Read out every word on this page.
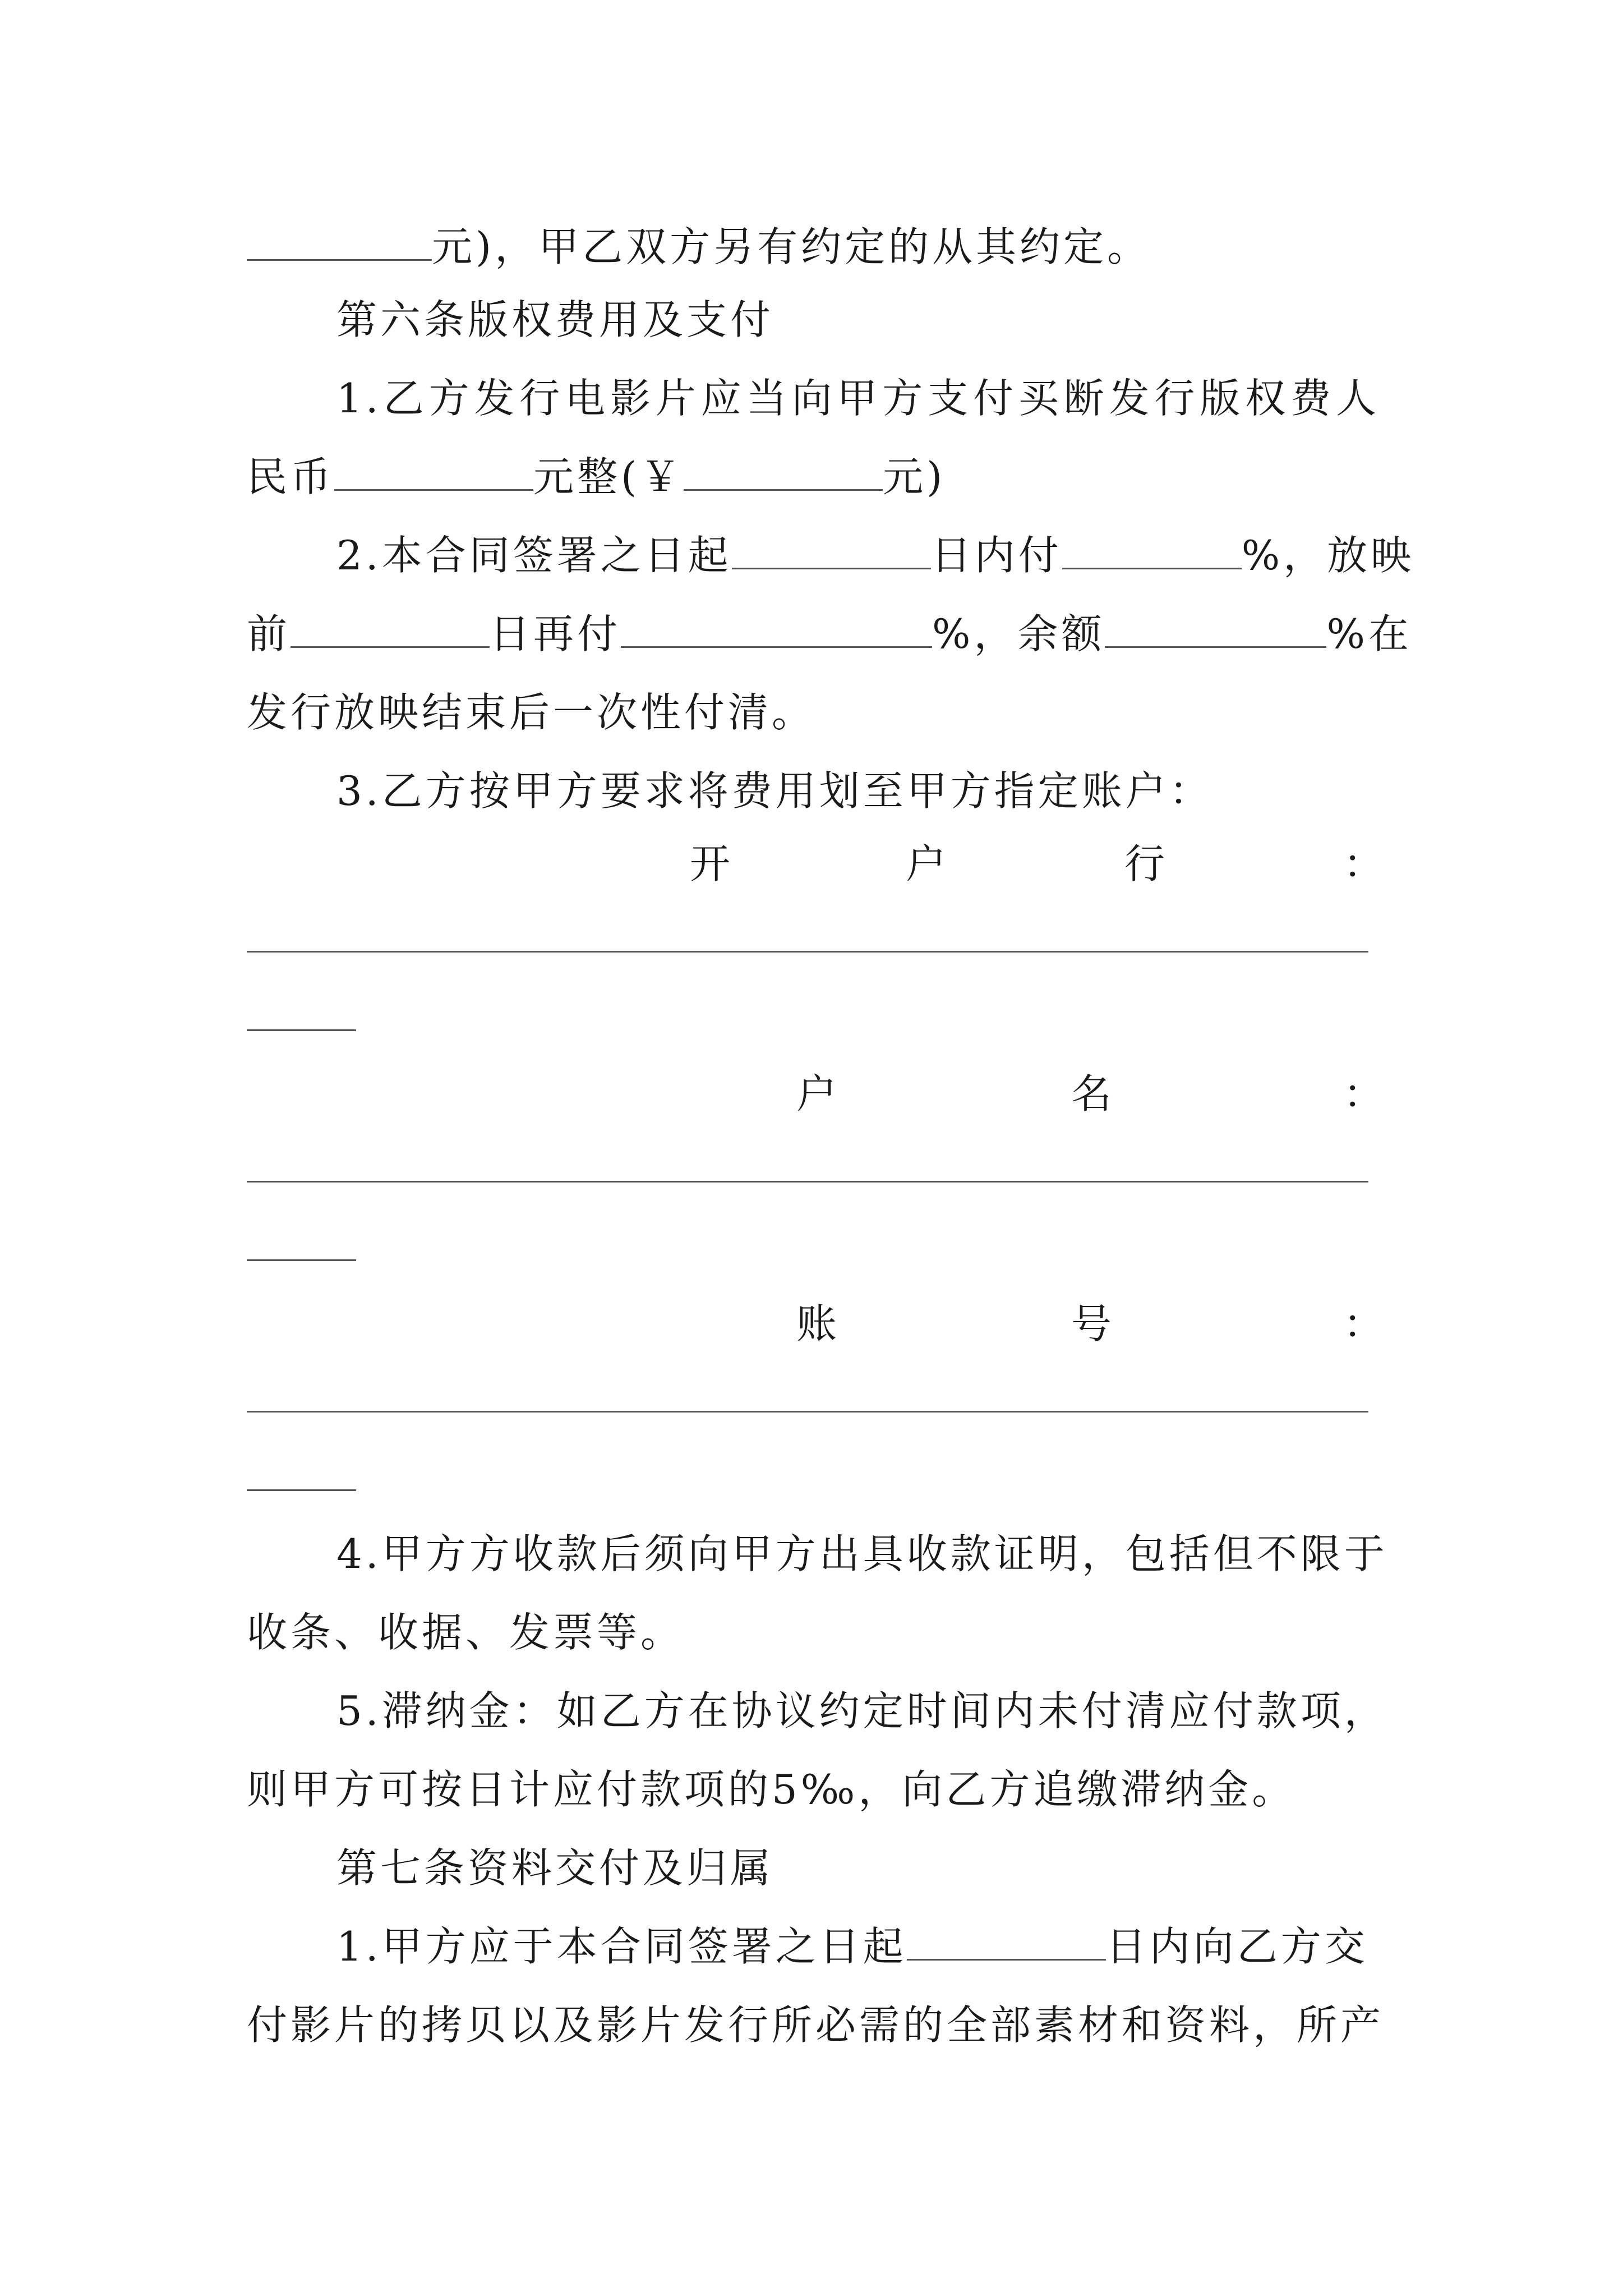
元)，甲乙双方另有约定的从其约定。
第六条版权费用及支付
1.乙方发行电影片应当向甲方支付买断发行版权费人
民币	元整(￥	元)
2.本合同签署之日起	日内付	%，放映
前	日再付	%，余额	%在
发行放映结束后一次性付清。
3.乙方按甲方要求将费用划至甲方指定账户：
开	户	行	：
户	名	：
账	号	：
4.甲方方收款后须向甲方出具收款证明，包括但不限于
收条、收据、发票等。
5.滞纳金：如乙方在协议约定时间内未付清应付款项，
则甲方可按日计应付款项的5‰，向乙方追缴滞纳金。
第七条资料交付及归属
1.甲方应于本合同签署之日起	日内向乙方交
付影片的拷贝以及影片发行所必需的全部素材和资料，所产
